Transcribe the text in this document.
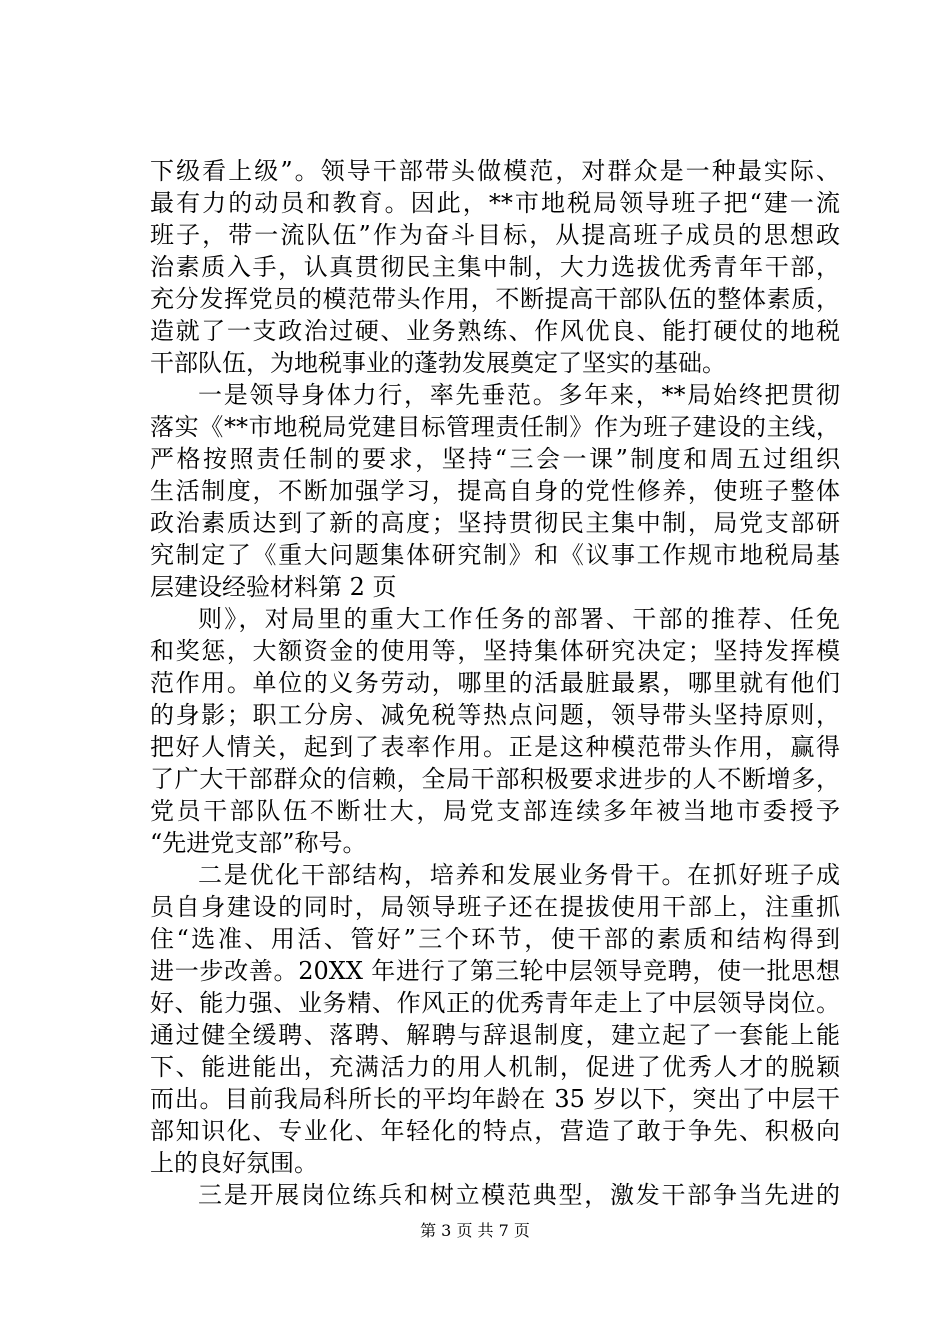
下级看上级”。领导干部带头做模范，对群众是一种最实际、
最有力的动员和教育。因此，**市地税局领导班子把“建一流
班子，带一流队伍”作为奋斗目标，从提高班子成员的思想政
治素质入手，认真贯彻民主集中制，大力选拔优秀青年干部，
充分发挥党员的模范带头作用，不断提高干部队伍的整体素质，
造就了一支政治过硬、业务熟练、作风优良、能打硬仗的地税
干部队伍，为地税事业的蓬勃发展奠定了坚实的基础。
一是领导身体力行，率先垂范。多年来，**局始终把贯彻
落实《**市地税局党建目标管理责任制》作为班子建设的主线，
严格按照责任制的要求，坚持“三会一课”制度和周五过组织
生活制度，不断加强学习，提高自身的党性修养，使班子整体
政治素质达到了新的高度；坚持贯彻民主集中制，局党支部研
究制定了《重大问题集体研究制》和《议事工作规市地税局基
层建设经验材料第 2 页
则》，对局里的重大工作任务的部署、干部的推荐、任免
和奖惩，大额资金的使用等，坚持集体研究决定；坚持发挥模
范作用。单位的义务劳动，哪里的活最脏最累，哪里就有他们
的身影；职工分房、减免税等热点问题，领导带头坚持原则，
把好人情关，起到了表率作用。正是这种模范带头作用，赢得
了广大干部群众的信赖，全局干部积极要求进步的人不断增多，
党员干部队伍不断壮大，局党支部连续多年被当地市委授予
“先进党支部”称号。
二是优化干部结构，培养和发展业务骨干。在抓好班子成
员自身建设的同时，局领导班子还在提拔使用干部上，注重抓
住“选准、用活、管好”三个环节，使干部的素质和结构得到
进一步改善。20XX 年进行了第三轮中层领导竞聘，使一批思想
好、能力强、业务精、作风正的优秀青年走上了中层领导岗位。
通过健全缓聘、落聘、解聘与辞退制度，建立起了一套能上能
下、能进能出，充满活力的用人机制，促进了优秀人才的脱颖
而出。目前我局科所长的平均年龄在 35 岁以下，突出了中层干
部知识化、专业化、年轻化的特点，营造了敢于争先、积极向
上的良好氛围。
三是开展岗位练兵和树立模范典型，激发干部争当先进的
第 3 页 共 7 页
